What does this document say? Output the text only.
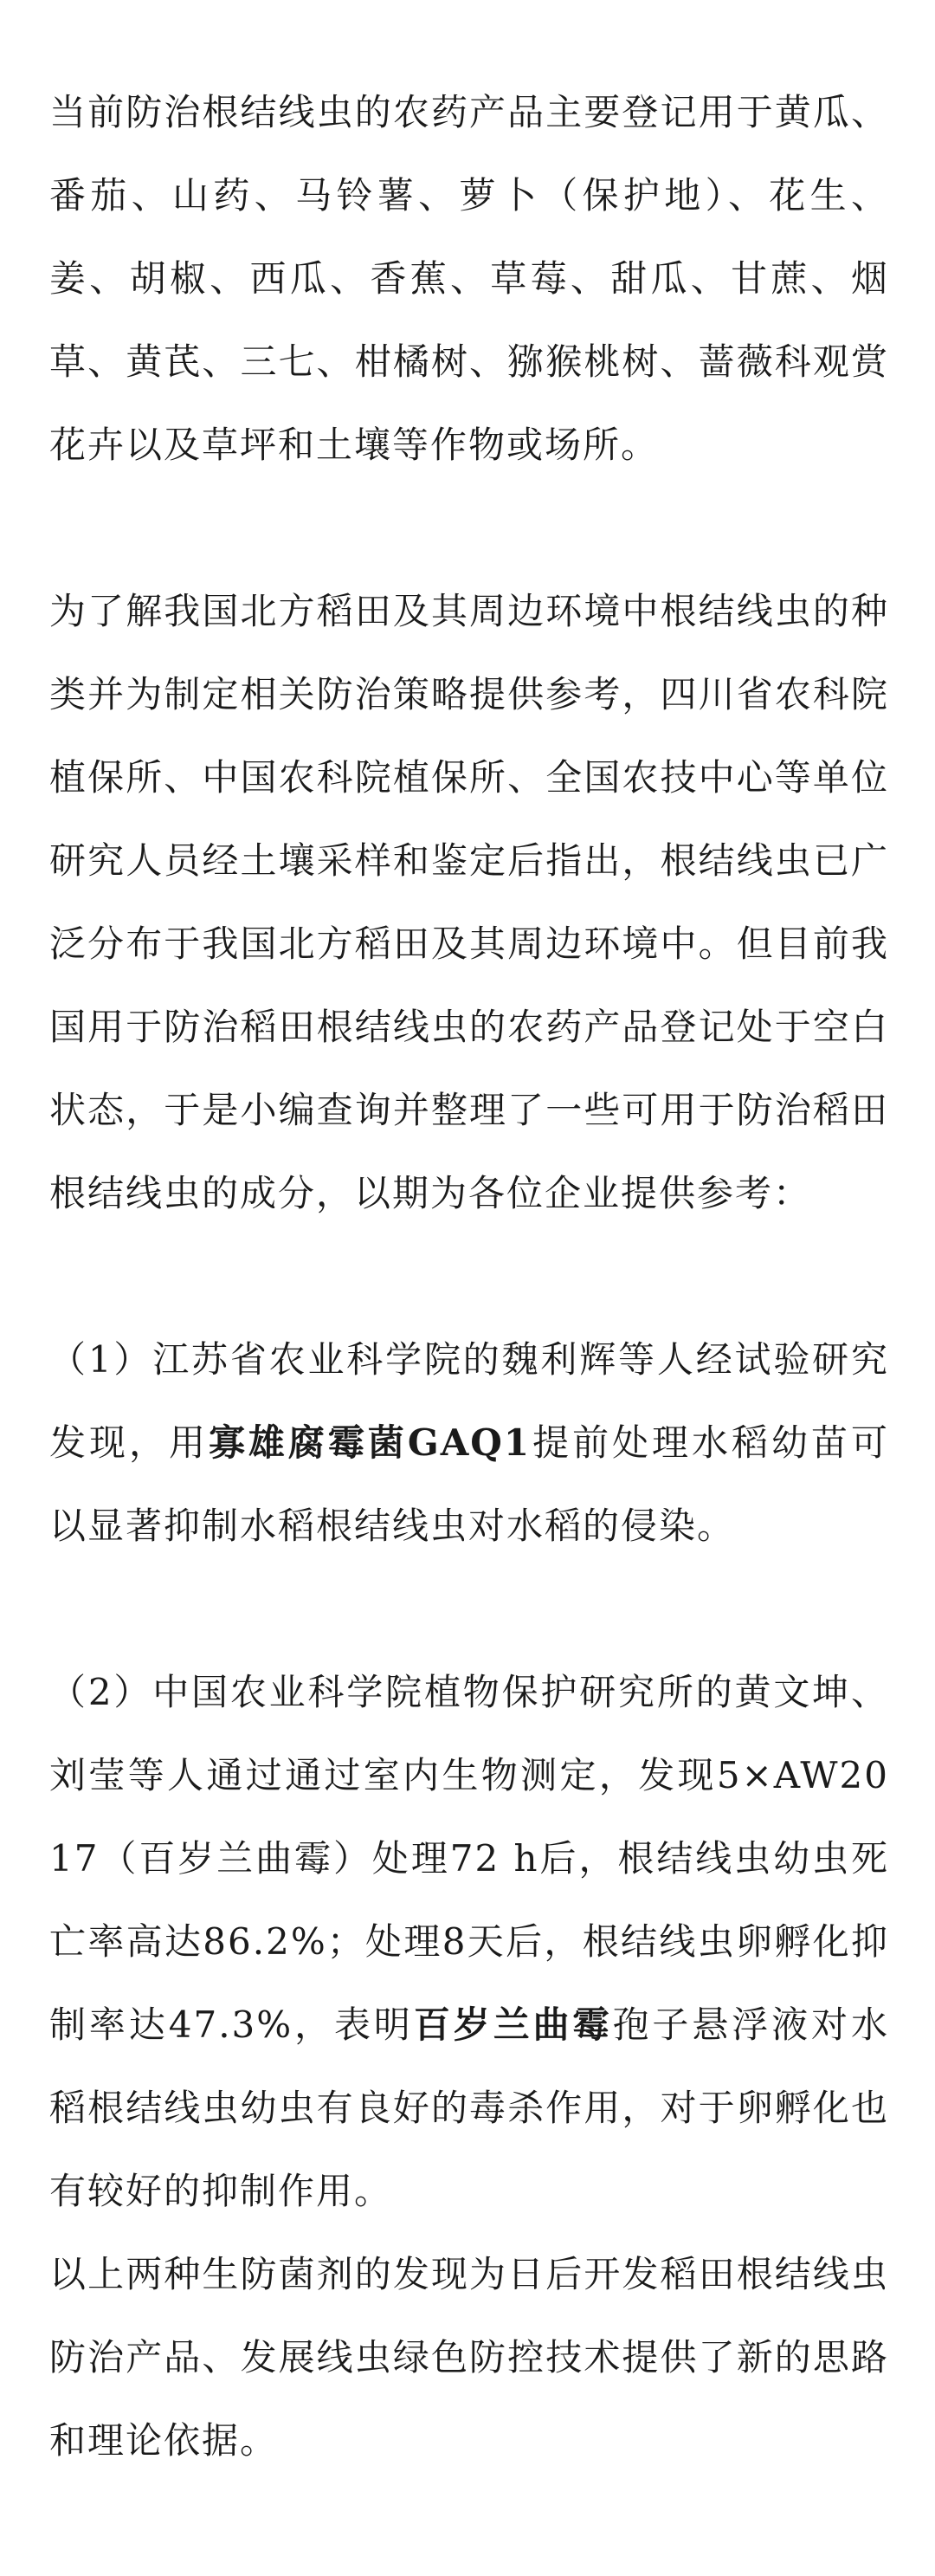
当前防治根结线虫的农药产品主要登记用于黄瓜、番茄、山药、马铃薯、萝卜（保护地）、花生、姜、胡椒、西瓜、香蕉、草莓、甜瓜、甘蔗、烟草、黄芪、三七、柑橘树、猕猴桃树、蔷薇科观赏花卉以及草坪和土壤等作物或场所。

为了解我国北方稻田及其周边环境中根结线虫的种类并为制定相关防治策略提供参考，四川省农科院植保所、中国农科院植保所、全国农技中心等单位研究人员经土壤采样和鉴定后指出，根结线虫已广泛分布于我国北方稻田及其周边环境中。但目前我国用于防治稻田根结线虫的农药产品登记处于空白状态，于是小编查询并整理了一些可用于防治稻田根结线虫的成分，以期为各位企业提供参考：

（1）江苏省农业科学院的魏利辉等人经试验研究发现，用寡雄腐霉菌GAQ1提前处理水稻幼苗可以显著抑制水稻根结线虫对水稻的侵染。

（2）中国农业科学院植物保护研究所的黄文坤、刘莹等人通过通过室内生物测定，发现5×AW2017（百岁兰曲霉）处理72 h后，根结线虫幼虫死亡率高达86.2%；处理8天后，根结线虫卵孵化抑制率达47.3%，表明百岁兰曲霉孢子悬浮液对水稻根结线虫幼虫有良好的毒杀作用，对于卵孵化也有较好的抑制作用。

以上两种生防菌剂的发现为日后开发稻田根结线虫防治产品、发展线虫绿色防控技术提供了新的思路和理论依据。
